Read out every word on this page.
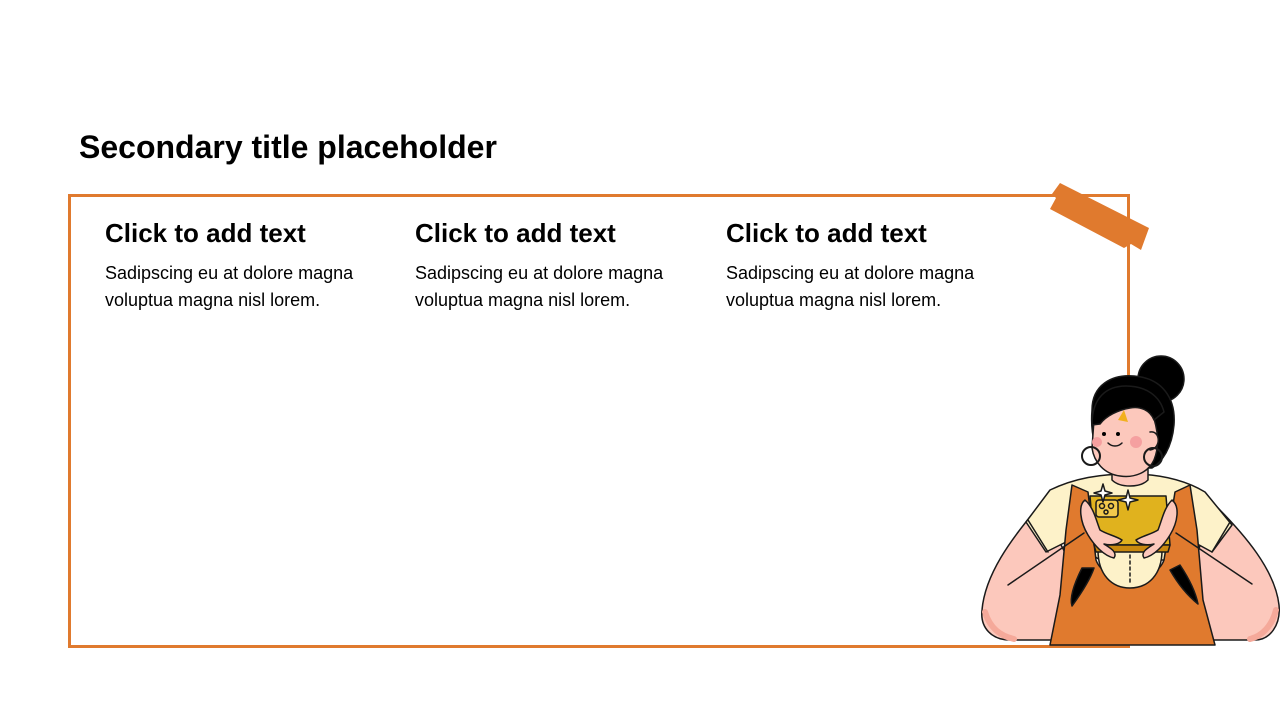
Secondary title placeholder
Click to add text

Sadipscing eu at dolore magna voluptua magna nisl lorem.

Click to add text

Sadipscing eu at dolore magna voluptua magna nisl lorem.

Click to add text

Sadipscing eu at dolore magna voluptua magna nisl lorem.
